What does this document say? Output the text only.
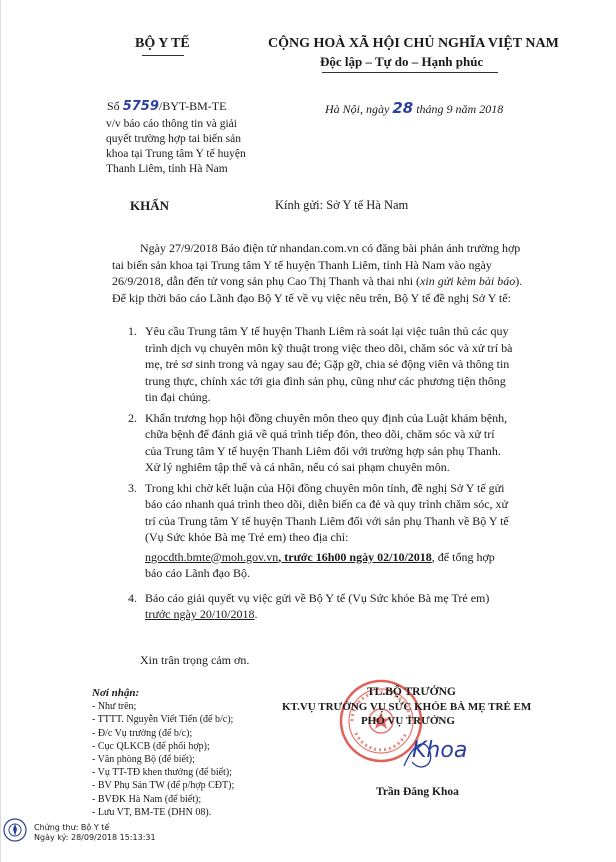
BỘ Y TẾ	CỘNG HOÀ XÃ HỘI CHỦ NGHĨA VIỆT NAM
Độc lập – Tự do – Hạnh phúc
Số 5759/BYT-BM-TE	Hà Nội, ngày 28 tháng 9 năm 2018
v/v báo cáo thông tin và giải
quyết trường hợp tai biến sản
khoa tại Trung tâm Y tế huyện
Thanh Liêm, tỉnh Hà Nam
KHẨN	Kính gửi: Sở Y tế Hà Nam
Ngày 27/9/2018 Báo điện tử nhandan.com.vn có đăng bài phản ánh trường hợp
tai biến sản khoa tại Trung tâm Y tế huyện Thanh Liêm, tỉnh Hà Nam vào ngày
26/9/2018, dẫn đến tử vong sản phụ Cao Thị Thanh và thai nhi (xin gửi kèm bài báo).
Để kịp thời báo cáo Lãnh đạo Bộ Y tế về vụ việc nêu trên, Bộ Y tế đề nghị Sở Y tế:
1. Yêu cầu Trung tâm Y tế huyện Thanh Liêm rà soát lại việc tuân thủ các quy
trình dịch vụ chuyên môn kỹ thuật trong việc theo dõi, chăm sóc và xử trí bà
mẹ, trẻ sơ sinh trong và ngay sau đẻ; Gặp gỡ, chia sẻ động viên và thông tin
trung thực, chính xác tới gia đình sản phụ, cũng như các phương tiện thông
tin đại chúng.
2. Khẩn trương họp hội đồng chuyên môn theo quy định của Luật khám bệnh,
chữa bệnh để đánh giá về quá trình tiếp đón, theo dõi, chăm sóc và xử trí
của Trung tâm Y tế huyện Thanh Liêm đối với trường hợp sản phụ Thanh.
Xử lý nghiêm tập thể và cá nhân, nếu có sai phạm chuyên môn.
3. Trong khi chờ kết luận của Hội đồng chuyên môn tỉnh, đề nghị Sở Y tế gửi
báo cáo nhanh quá trình theo dõi, diễn biến ca đẻ và quy trình chăm sóc, xử
trí của Trung tâm Y tế huyện Thanh Liêm đối với sản phụ Thanh về Bộ Y tế
(Vụ Sức khỏe Bà mẹ Trẻ em) theo địa chỉ:
ngocdth.bmte@moh.gov.vn, trước 16h00 ngày 02/10/2018, để tổng hợp
báo cáo Lãnh đạo Bộ.
4. Báo cáo giải quyết vụ việc gửi về Bộ Y tế (Vụ Sức khỏe Bà mẹ Trẻ em)
trước ngày 20/10/2018.
Xin trân trọng cảm ơn.
Nơi nhận:
- Như trên;
- TTTT. Nguyễn Viết Tiến (để b/c);
- Đ/c Vụ trưởng (để b/c);
- Cục QLKCB (để phối hợp);
- Văn phòng Bộ (để biết);
- Vụ TT-TĐ khen thưởng (để biết);
- BV Phụ Sản TW (để p/hợp CĐT);
- BVĐK Hà Nam (để biết);
- Lưu VT, BM-TE (DHN 08).
TL.BỘ TRƯỞNG
KT.VỤ TRƯỞNG VỤ SỨC KHỎE BÀ MẸ TRẺ EM
PHÓ VỤ TRƯỞNG
Khoa
Trần Đăng Khoa
Chứng thư: Bộ Y tế
Ngày ký: 28/09/2018 15:13:31
